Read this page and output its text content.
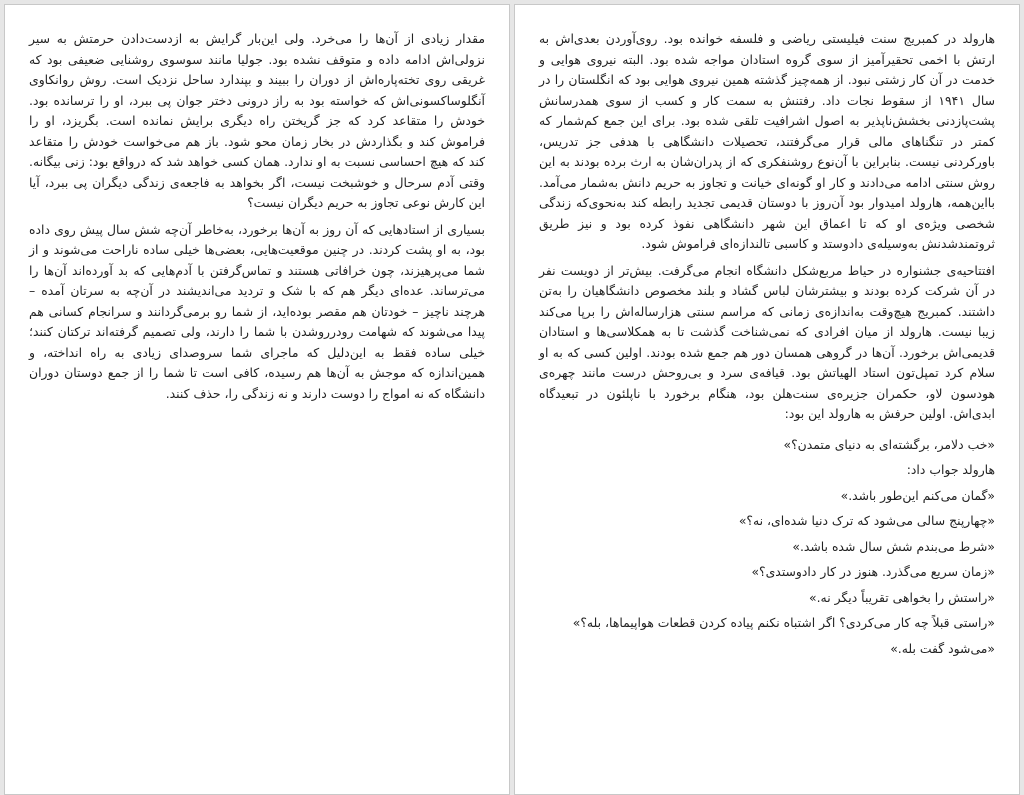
مقدار زیادی از آن‌ها را می‌خرد. ولی این‌بار گرایش به ازدست‌دادن حرمتش به سیر نزولی‌اش ادامه داده و متوقف نشده بود. جولیا مانند سوسوی روشنایی ضعیفی بود که غریقی روی تخته‌پاره‌اش از دوران را ببیند و بپندارد ساحل نزدیک است. روش روانکاوی آنگلوساکسونی‌اش که خواسته بود به راز درونی دختر جوان پی ببرد، او را ترسانده بود. خودش را متقاعد کرد که جز گریختن راه دیگری برایش نمانده است. بگریزد، او را فراموش کند و بگذاردش در بخار زمان محو شود. باز هم می‌خواست خودش را متقاعد کند که هیچ احساسی نسبت به او ندارد. همان کسی خواهد شد که درواقع بود: زنی بیگانه. وقتی آدم سرحال و خوشبخت نیست، اگر بخواهد به فاجعه‌ی زندگی دیگران پی ببرد، آیا این کارش نوعی تجاوز به حریم دیگران نیست؟

بسیاری از استادهایی که آن روز به آن‌ها برخورد، به‌خاطر آن‌چه شش سال پیش روی داده بود، به او پشت کردند. در چنین موقعیت‌هایی، بعضی‌ها خیلی ساده ناراحت می‌شوند و از شما می‌پرهیزند، چون خرافاتی هستند و تماس‌گرفتن با آدم‌هایی که بد آورده‌اند آن‌ها را می‌ترساند. عده‌ای دیگر هم که با شک و تردید می‌اندیشند در آن‌چه به سرتان آمده – هرچند ناچیز – خودتان هم مقصر بوده‌اید، از شما رو برمی‌گردانند و سرانجام کسانی هم پیدا می‌شوند که شهامت رودرروشدن با شما را دارند، ولی تصمیم گرفته‌اند ترکتان کنند؛ خیلی ساده فقط به این‌دلیل که ماجرای شما سروصدای زیادی به راه انداخته، و همین‌اندازه که موجش به آن‌ها هم رسیده، کافی است تا شما را از جمع دوستان دوران دانشگاه که نه امواج را دوست دارند و نه زندگی را، حذف کنند.

هارولد در کمبریج سنت فیلیستی ریاضی و فلسفه خوانده بود. روی‌آوردن بعدی‌اش به ارتش با اخمی تحقیرآمیز از سوی گروه استادان مواجه شده بود. البته نیروی هوایی و خدمت در آن کار زشتی نبود. از همه‌چیز گذشته همین نیروی هوایی بود که انگلستان را در سال ۱۹۴۱ از سقوط نجات داد. رفتنش به سمت کار و کسب از سوی همدرسانش پشت‌پازدنی بخشش‌ناپذیر به اصول اشرافیت تلقی شده بود. برای این جمع کم‌شمار که کمتر در تنگناهای مالی قرار می‌گرفتند، تحصیلات دانشگاهی با هدفی جز تدریس، باورکردنی نیست. بنابراین با آن‌نوع روشنفکری که از پدران‌شان به ارث برده بودند به این روش سنتی ادامه می‌دادند و کار او گونه‌ای خیانت و تجاوز به حریم دانش به‌شمار می‌آمد. بااین‌همه، هارولد امیدوار بود آن‌روز با دوستان قدیمی تجدید رابطه کند به‌نحوی‌که زندگی شخصی ویژه‌ی او که تا اعماق این شهر دانشگاهی نفوذ کرده بود و نیز طریق ثروتمندشدنش به‌وسیله‌ی دادوستد و کاسبی تالندازه‌ای فراموش شود.

افتتاحیه‌ی جشنواره در حیاط مربع‌شکل دانشگاه انجام می‌گرفت. بیش‌تر از دویست نفر در آن شرکت کرده بودند و بیشترشان لباس گشاد و بلند مخصوص دانشگاهیان را به‌تن داشتند. کمبریج هیچ‌وقت به‌اندازه‌ی زمانی که مراسم سنتی هزارساله‌اش را برپا می‌کند زیبا نیست. هارولد از میان افرادی که نمی‌شناخت گذشت تا به همکلاسی‌ها و استادان قدیمی‌اش برخورد. آن‌ها در گروهی همسان دور هم جمع شده بودند. اولین کسی که به او سلام کرد تمپل‌تون استاد الهیاتش بود. قیافه‌ی سرد و بی‌روحش درست مانند چهره‌ی هودسون لاو، حکمران جزیره‌ی سنت‌هلن بود، هنگام برخورد با ناپلئون در تبعیدگاه ابدی‌اش. اولین حرفش به هارولد این بود:

«خب دلامر، برگشته‌ای به دنیای متمدن؟»

هارولد جواب داد:

«گمان می‌کنم این‌طور باشد.»

«چهارپنج سالی می‌شود که ترک دنیا شده‌ای، نه؟»

«شرط می‌بندم شش سال شده باشد.»

«زمان سریع می‌گذرد. هنوز در کار دادوستدی؟»

«راستش را بخواهی تقریباً دیگر نه.»

«راستی قبلاً چه کار می‌کردی؟ اگر اشتباه نکنم پیاده کردن قطعات هواپیماها، بله؟»

«می‌شود گفت بله.»
